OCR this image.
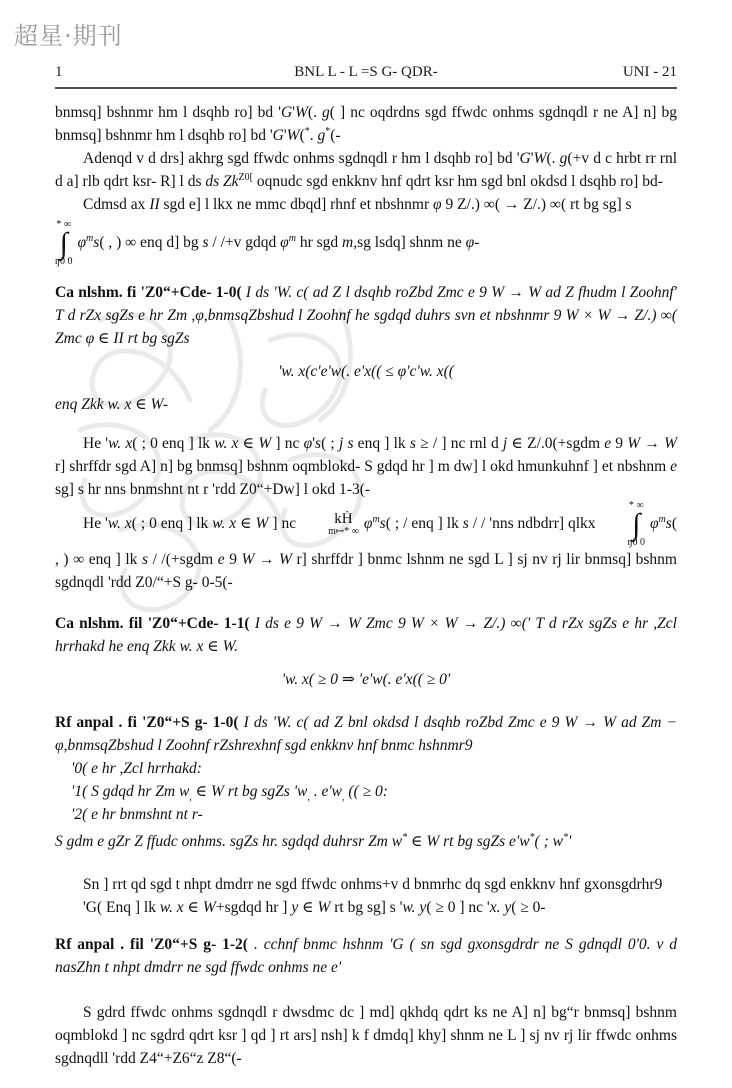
超星·期刊
BNL L - L =S G- QDR-
1	UNI - 21
bnmsq] bshnmr hm l dsqhb ro] bd 'G'W(. g( ] nc oqdrdns sgd ffwdc onhms sgdnqdl r ne A] n] bg bnmsq] bshnmr hm l dsqhb ro] bd 'G'W(*. g*(-
Adenqd v d drs] akhrg sgd ffwdc onhms sgdnqdl r hm l dsqhb ro] bd 'G'W(. g(+v d c hrbt rr rnl d a] rlb qdrt ksr- R] l ds ds $Zk^{Z0[}$ oqnudc sgd enkknv hnf qdrt ksr hm sgd bnl okdsd l dsqhb ro] bd-
Cdmsd ax II sgd e] l lkx ne mmc dbqd] rhnf et nbshnmr φ 9 Z/.) ∞( → Z/.) ∞( rt bg sg] s
* ∞
∫
ŋ0 0
$\varphi^ms$( , ) ∞ enq d] bg s / /+v gdqd $\varphi^m$ hr sgd m,sg lsdq] shnm ne φ-
Ca nlshm. fi 'Z0“+Cde- 1-0( I ds 'W. c( ad Z l dsqhb roZbd Zmc e 9 W → W ad Z fhudm l Zoohnf' T d rZx sgZs e hr Zm ,φ,bnmsqZbshud l Zoohnf he sgdqd duhrs svn et nbshnmr 9 W × W → Z/.) ∞( Zmc φ ∈ II rt bg sgZs
'w. x(c'e'w(. e'x(( ≤ φ'c'w. x((
enq Zkk w. x ∈ W-
He 'w. x( ; 0 enq ] lk w. x ∈ W ] nc φ's( ; j s enq ] lk s ≥ / ] nc rnl d j ∈ Z/.0(+sgdm e 9 W → W r] shrffdr sgd A] n] bg bnmsq] bshnm oqmblokd- S gdqd hr ] m dw] l okd hmunkuhnf ] et nbshnm e sg] s hr nns bnmshnt nt r 'rdd Z0“+Dw] l okd 1-3(-
He 'w. x( ; 0 enq ] lk w. x ∈ W ] nc	kḢ
m↦* ∞ $\varphi^ms$( ; / enq ] lk s / / 'nns ndbdrr] qlkx
* ∞
∫
ŋ0 0
$\varphi^ms$( , ) ∞ enq ] lk s / /(+sgdm e 9 W → W r] shrffdr ] bnmc lshnm ne sgd L ] sj nv rj lir bnmsq] bshnm sgdnqdl 'rdd Z0/“+S g- 0-5(-
Ca nlshm. fil 'Z0“+Cde- 1-1( I ds e 9 W → W Zmc 9 W × W → Z/.) ∞(' T d rZx sgZs e hr ,Zcl hrrhakd he enq Zkk w. x ∈ W.
'w. x( ≥ 0 ⇒ 'e'w(. e'x(( ≥ 0'
Rf anpal . fi 'Z0“+S g- 1-0( I ds 'W. c( ad Z bnl okdsd l dsqhb roZbd Zmc e 9 W → W ad Zm − φ,bnmsqZbshud l Zoohnf rZshrexhnf sgd enkknv hnf bnmc hshnmr9
'0( e hr ,Zcl hrrhakd:
'1( S gdqd hr Zm $w_,$ ∈ W rt bg sgZs '$w_,$ . $e'w_,$ (( ≥ 0:
'2( e hr bnmshnt nt r-
S gdm e gZr Z ffudc onhms. sgZs hr. sgdqd duhrsr Zm w* ∈ W rt bg sgZs e'w*( ; w*'
Sn ] rrt qd sgd t nhpt dmdrr ne sgd ffwdc onhms+v d bnmrhc dq sgd enkknv hnf gxonsgdrhr9
'G( Enq ] lk w. x ∈ W+sgdqd hr ] y ∈ W rt bg sg] s 'w. y( ≥ 0 ] nc 'x. y( ≥ 0-
Rf anpal . fil 'Z0“+S g- 1-2( . cchnf bnmc hshnm 'G ( sn sgd gxonsgdrdr ne S gdnqdl 0'0. v d nasZhn t nhpt dmdrr ne sgd ffwdc onhms ne e'
S gdrd ffwdc onhms sgdnqdl r dwsdmc dc ] md] qkhdq qdrt ks ne A] n] bg“r bnmsq] bshnm oqmblokd ] nc sgdrd qdrt ksr ] qd ] rt ars] nsh] k f dmdq] khy] shnm ne L ] sj nv rj lir ffwdc onhms sgdnqdll 'rdd Z4“+Z6“z Z8“(-
